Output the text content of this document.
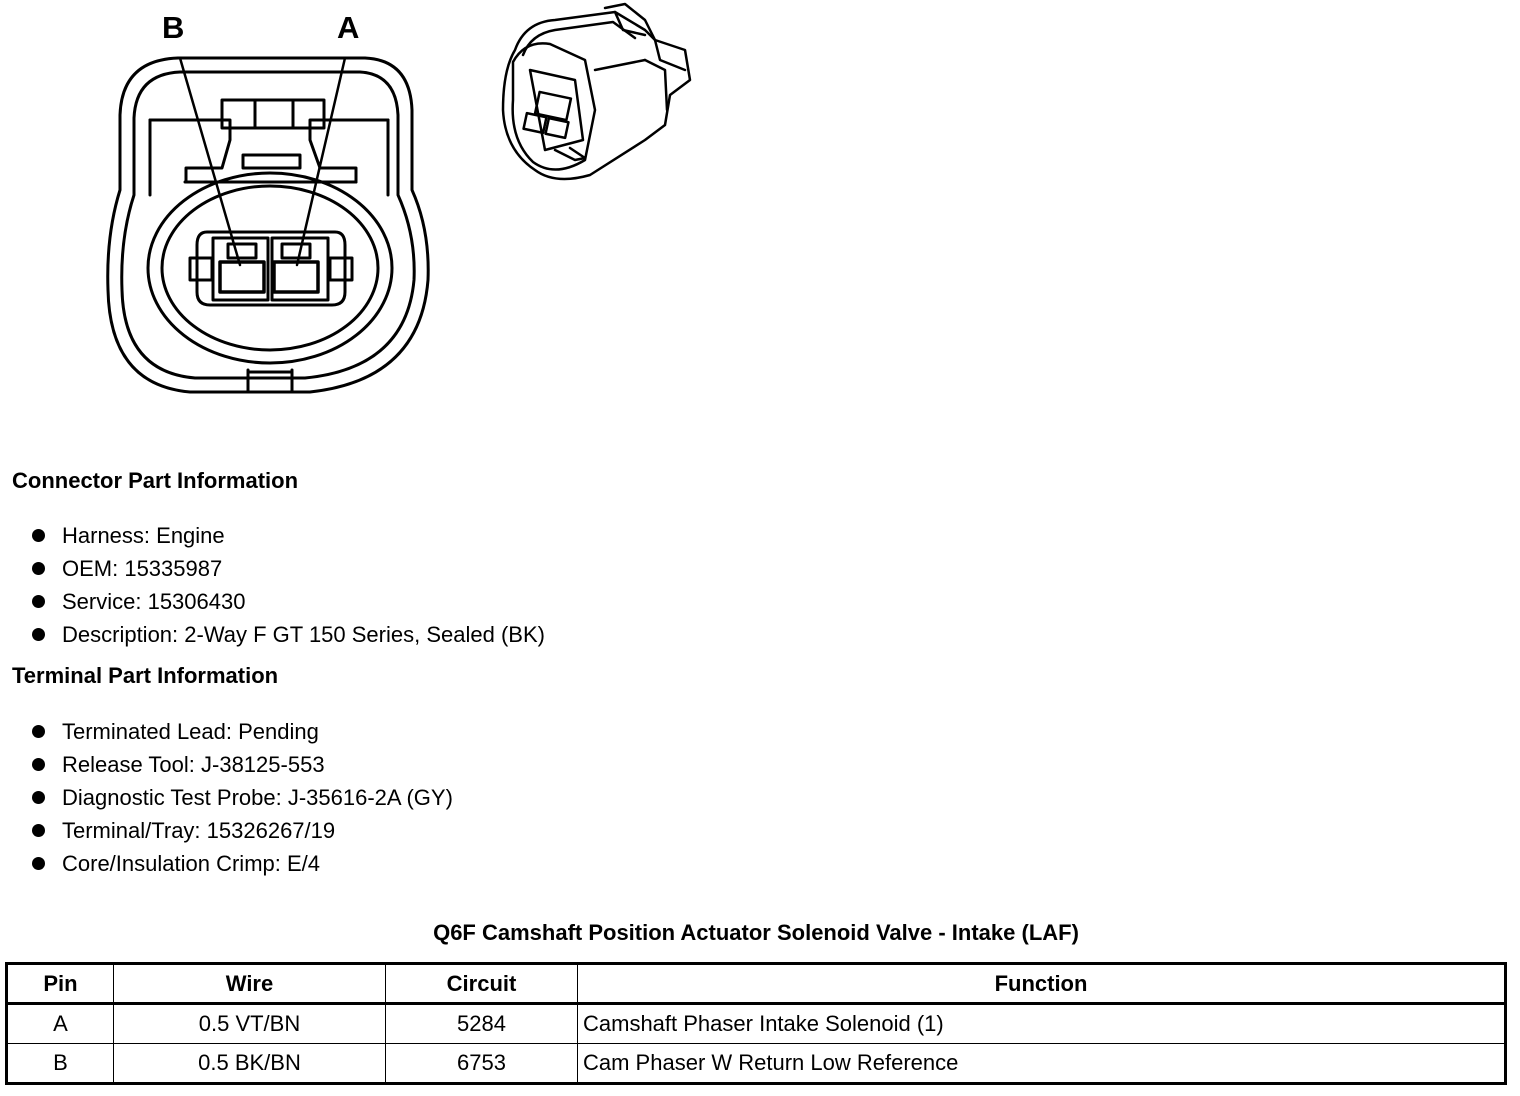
B	A
Connector Part Information
Harness: Engine
OEM: 15335987
Service: 15306430
Description: 2-Way F GT 150 Series, Sealed (BK)
Terminal Part Information
Terminated Lead: Pending
Release Tool: J-38125-553
Diagnostic Test Probe: J-35616-2A (GY)
Terminal/Tray: 15326267/19
Core/Insulation Crimp: E/4
Q6F Camshaft Position Actuator Solenoid Valve - Intake (LAF)
Pin	Wire	Circuit	Function
A	0.5 VT/BN	5284	Camshaft Phaser Intake Solenoid (1)
B	0.5 BK/BN	6753	Cam Phaser W Return Low Reference
